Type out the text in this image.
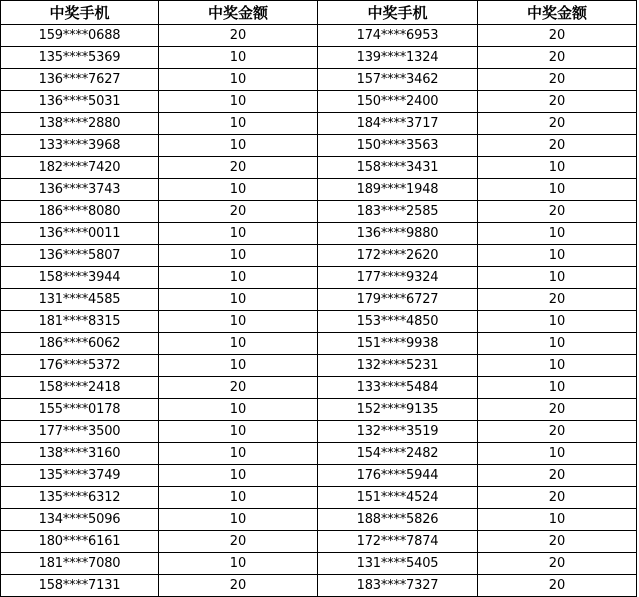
中奖手机	中奖金额	中奖手机	中奖金额
159****0688	20	174****6953	20
135****5369	10	139****1324	20
136****7627	10	157****3462	20
136****5031	10	150****2400	20
138****2880	10	184****3717	20
133****3968	10	150****3563	20
182****7420	20	158****3431	10
136****3743	10	189****1948	10
186****8080	20	183****2585	20
136****0011	10	136****9880	10
136****5807	10	172****2620	10
158****3944	10	177****9324	10
131****4585	10	179****6727	20
181****8315	10	153****4850	10
186****6062	10	151****9938	10
176****5372	10	132****5231	10
158****2418	20	133****5484	10
155****0178	10	152****9135	20
177****3500	10	132****3519	20
138****3160	10	154****2482	10
135****3749	10	176****5944	20
135****6312	10	151****4524	20
134****5096	10	188****5826	10
180****6161	20	172****7874	20
181****7080	10	131****5405	20
158****7131	20	183****7327	20
